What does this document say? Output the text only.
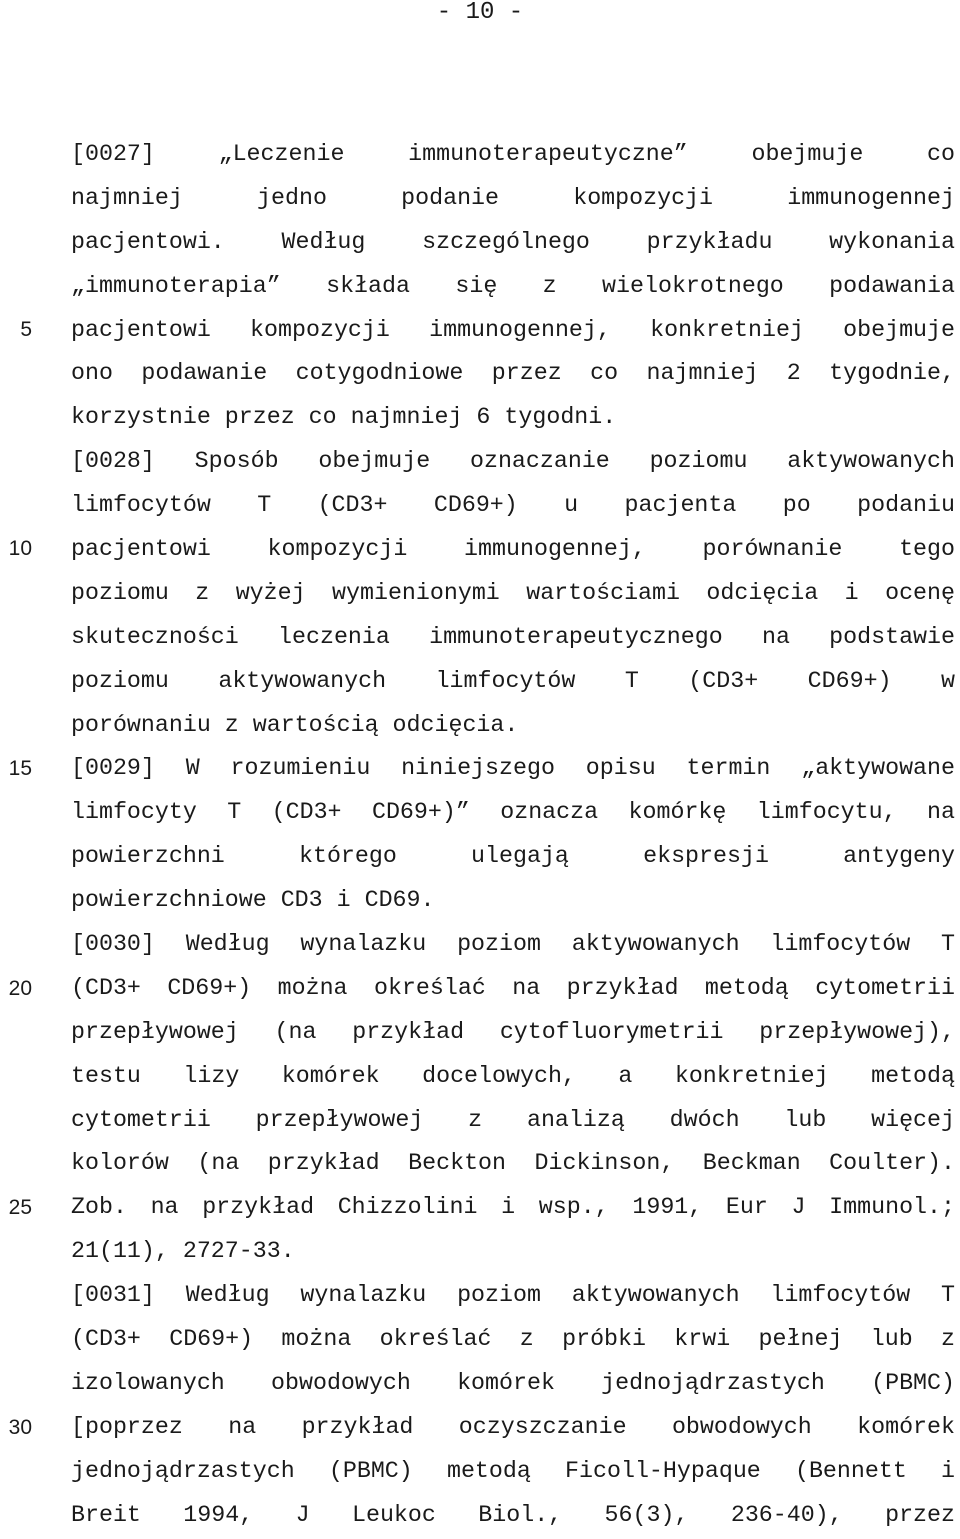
- 10 -
5
10
15
20
25
30
[0027] „Leczenie immunoterapeutyczne” obejmuje co
najmniej jedno podanie kompozycji immunogennej
pacjentowi. Według szczególnego przykładu wykonania
„immunoterapia” składa się z wielokrotnego podawania
pacjentowi kompozycji immunogennej, konkretniej obejmuje
ono podawanie cotygodniowe przez co najmniej 2 tygodnie,
korzystnie przez co najmniej 6 tygodni.
[0028] Sposób obejmuje oznaczanie poziomu aktywowanych
limfocytów T (CD3+ CD69+) u pacjenta po podaniu
pacjentowi kompozycji immunogennej, porównanie tego
poziomu z wyżej wymienionymi wartościami odcięcia i ocenę
skuteczności leczenia immunoterapeutycznego na podstawie
poziomu aktywowanych limfocytów T (CD3+ CD69+) w
porównaniu z wartością odcięcia.
[0029] W rozumieniu niniejszego opisu termin „aktywowane
limfocyty T (CD3+ CD69+)” oznacza komórkę limfocytu, na
powierzchni którego ulegają ekspresji antygeny
powierzchniowe CD3 i CD69.
[0030] Według wynalazku poziom aktywowanych limfocytów T
(CD3+ CD69+) można określać na przykład metodą cytometrii
przepływowej (na przykład cytofluorymetrii przepływowej),
testu lizy komórek docelowych, a konkretniej metodą
cytometrii przepływowej z analizą dwóch lub więcej
kolorów (na przykład Beckton Dickinson, Beckman Coulter).
Zob. na przykład Chizzolini i wsp., 1991, Eur J Immunol.;
21(11), 2727-33.
[0031] Według wynalazku poziom aktywowanych limfocytów T
(CD3+ CD69+) można określać z próbki krwi pełnej lub z
izolowanych obwodowych komórek jednojądrzastych (PBMC)
[poprzez na przykład oczyszczanie obwodowych komórek
jednojądrzastych (PBMC) metodą Ficoll-Hypaque (Bennett i
Breit 1994, J Leukoc Biol., 56(3), 236-40), przez
